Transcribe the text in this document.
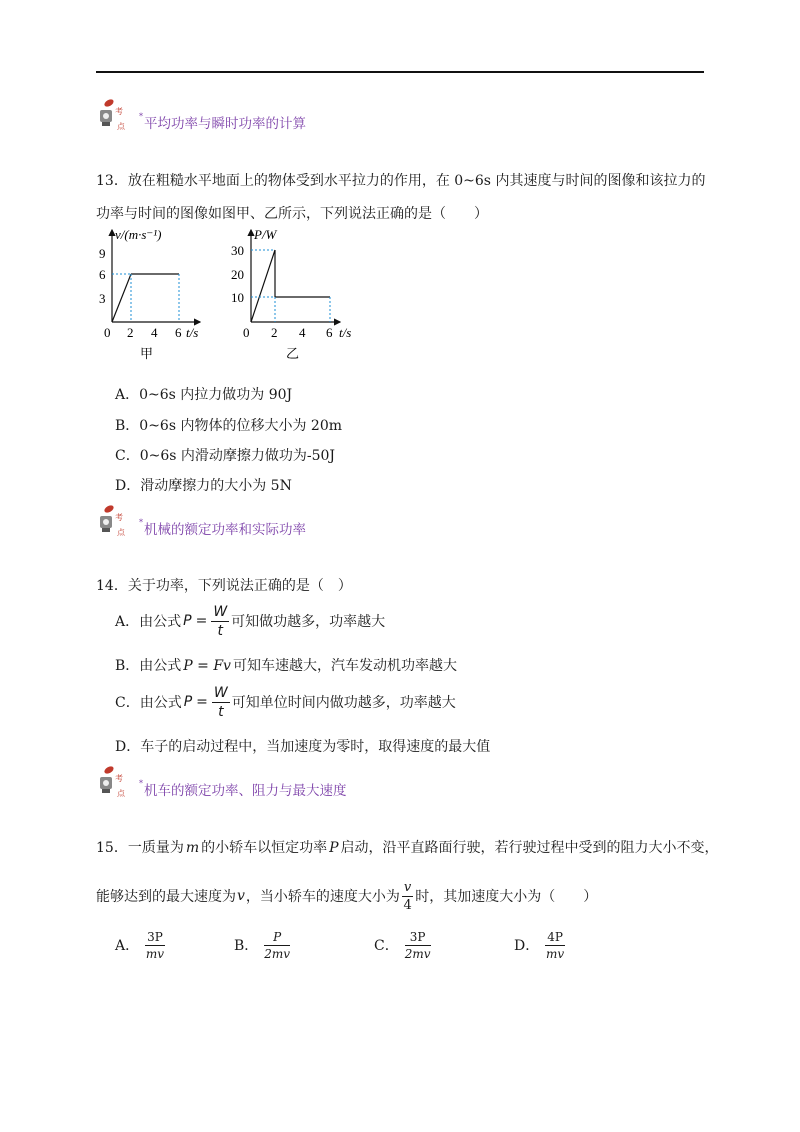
考
点
*平均功率与瞬时功率的计算
13．放在粗糙水平地面上的物体受到水平拉力的作用，在 0~6s 内其速度与时间的图像和该拉力的
功率与时间的图像如图甲、乙所示，下列说法正确的是（　　）
v/(m·s⁻¹)
9
6
3
0 2 4 6 t/s
甲
P/W
30
20
10
0 2 4 6 t/s
乙
A．0~6s 内拉力做功为 90J
B．0~6s 内物体的位移大小为 20m
C．0~6s 内滑动摩擦力做功为-50J
D．滑动摩擦力的大小为 5N
考
点
*机械的额定功率和实际功率
14．关于功率，下列说法正确的是（　）
A．由公式 $P = \frac{W}{t}$ 可知做功越多，功率越大
B．由公式 P = Fv 可知车速越大，汽车发动机功率越大
C．由公式 $P = \frac{W}{t}$ 可知单位时间内做功越多，功率越大
D．车子的启动过程中，当加速度为零时，取得速度的最大值
考
点
*机车的额定功率、阻力与最大速度
15．一质量为 m 的小轿车以恒定功率 P 启动，沿平直路面行驶，若行驶过程中受到的阻力大小不变，
能够达到的最大速度为 v ，当小轿车的速度大小为 $\frac{v}{4}$ 时，其加速度大小为（　　）
A． $\frac{3P}{mv}$	B． $\frac{P}{2mv}$	C． $\frac{3P}{2mv}$	D． $\frac{4P}{mv}$
